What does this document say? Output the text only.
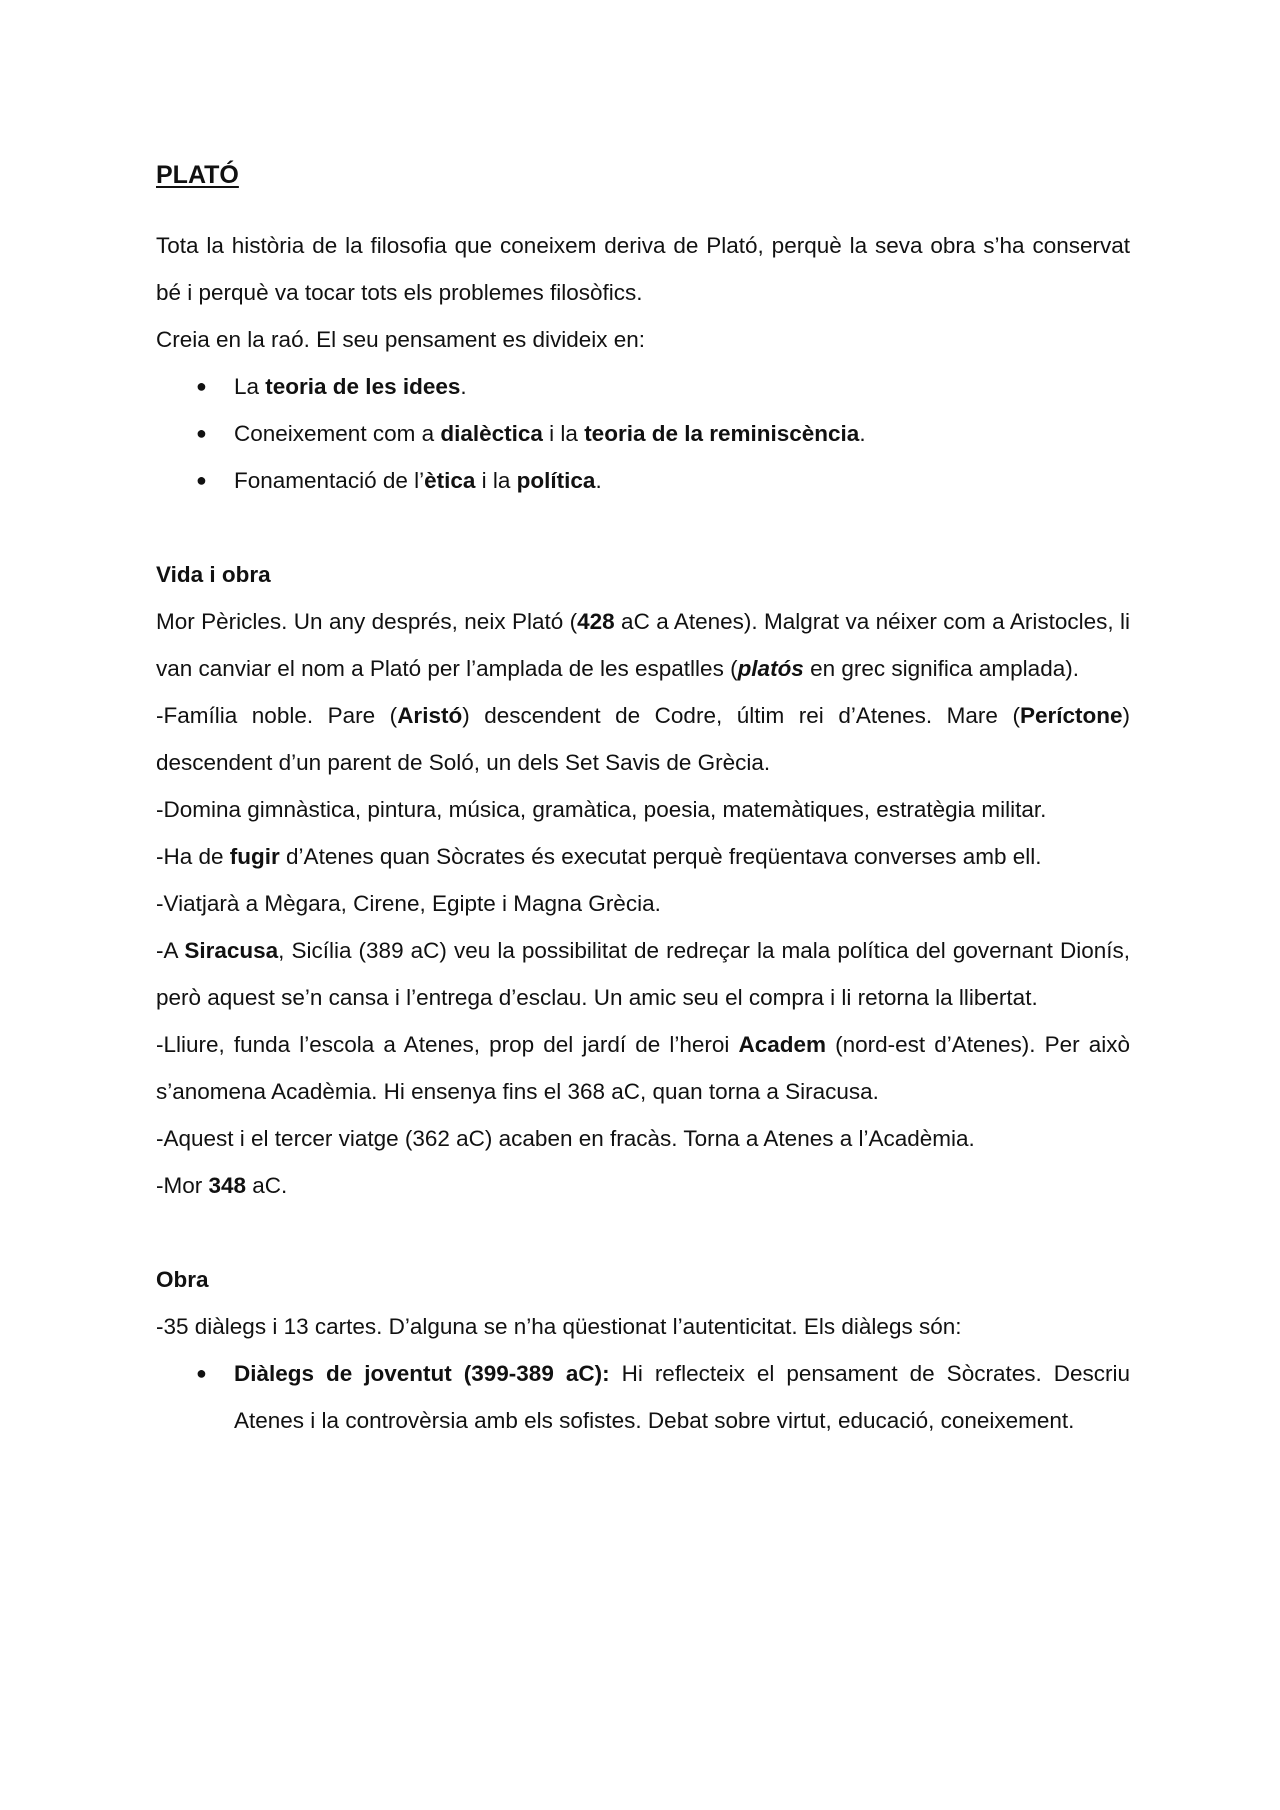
PLATÓ

Tota la història de la filosofia que coneixem deriva de Plató, perquè la seva obra s’ha conservat bé i perquè va tocar tots els problemes filosòfics.

Creia en la raó. El seu pensament es divideix en:

● La teoria de les idees.
● Coneixement com a dialèctica i la teoria de la reminiscència.
● Fonamentació de l’ètica i la política.

Vida i obra

Mor Pèricles. Un any després, neix Plató (428 aC a Atenes). Malgrat va néixer com a Aristocles, li van canviar el nom a Plató per l’amplada de les espatlles (platós en grec significa amplada).

-Família noble. Pare (Aristó) descendent de Codre, últim rei d’Atenes. Mare (Períctone) descendent d’un parent de Soló, un dels Set Savis de Grècia.

-Domina gimnàstica, pintura, música, gramàtica, poesia, matemàtiques, estratègia militar.

-Ha de fugir d’Atenes quan Sòcrates és executat perquè freqüentava converses amb ell.

-Viatjarà a Mègara, Cirene, Egipte i Magna Grècia.

-A Siracusa, Sicília (389 aC) veu la possibilitat de redreçar la mala política del governant Dionís, però aquest se’n cansa i l’entrega d’esclau. Un amic seu el compra i li retorna la llibertat.

-Lliure, funda l’escola a Atenes, prop del jardí de l’heroi Academ (nord-est d’Atenes). Per això s’anomena Acadèmia. Hi ensenya fins el 368 aC, quan torna a Siracusa.

-Aquest i el tercer viatge (362 aC) acaben en fracàs. Torna a Atenes a l’Acadèmia.

-Mor 348 aC.

Obra

-35 diàlegs i 13 cartes. D’alguna se n’ha qüestionat l’autenticitat. Els diàlegs són:

● Diàlegs de joventut (399-389 aC): Hi reflecteix el pensament de Sòcrates. Descriu Atenes i la controvèrsia amb els sofistes. Debat sobre virtut, educació, coneixement.
